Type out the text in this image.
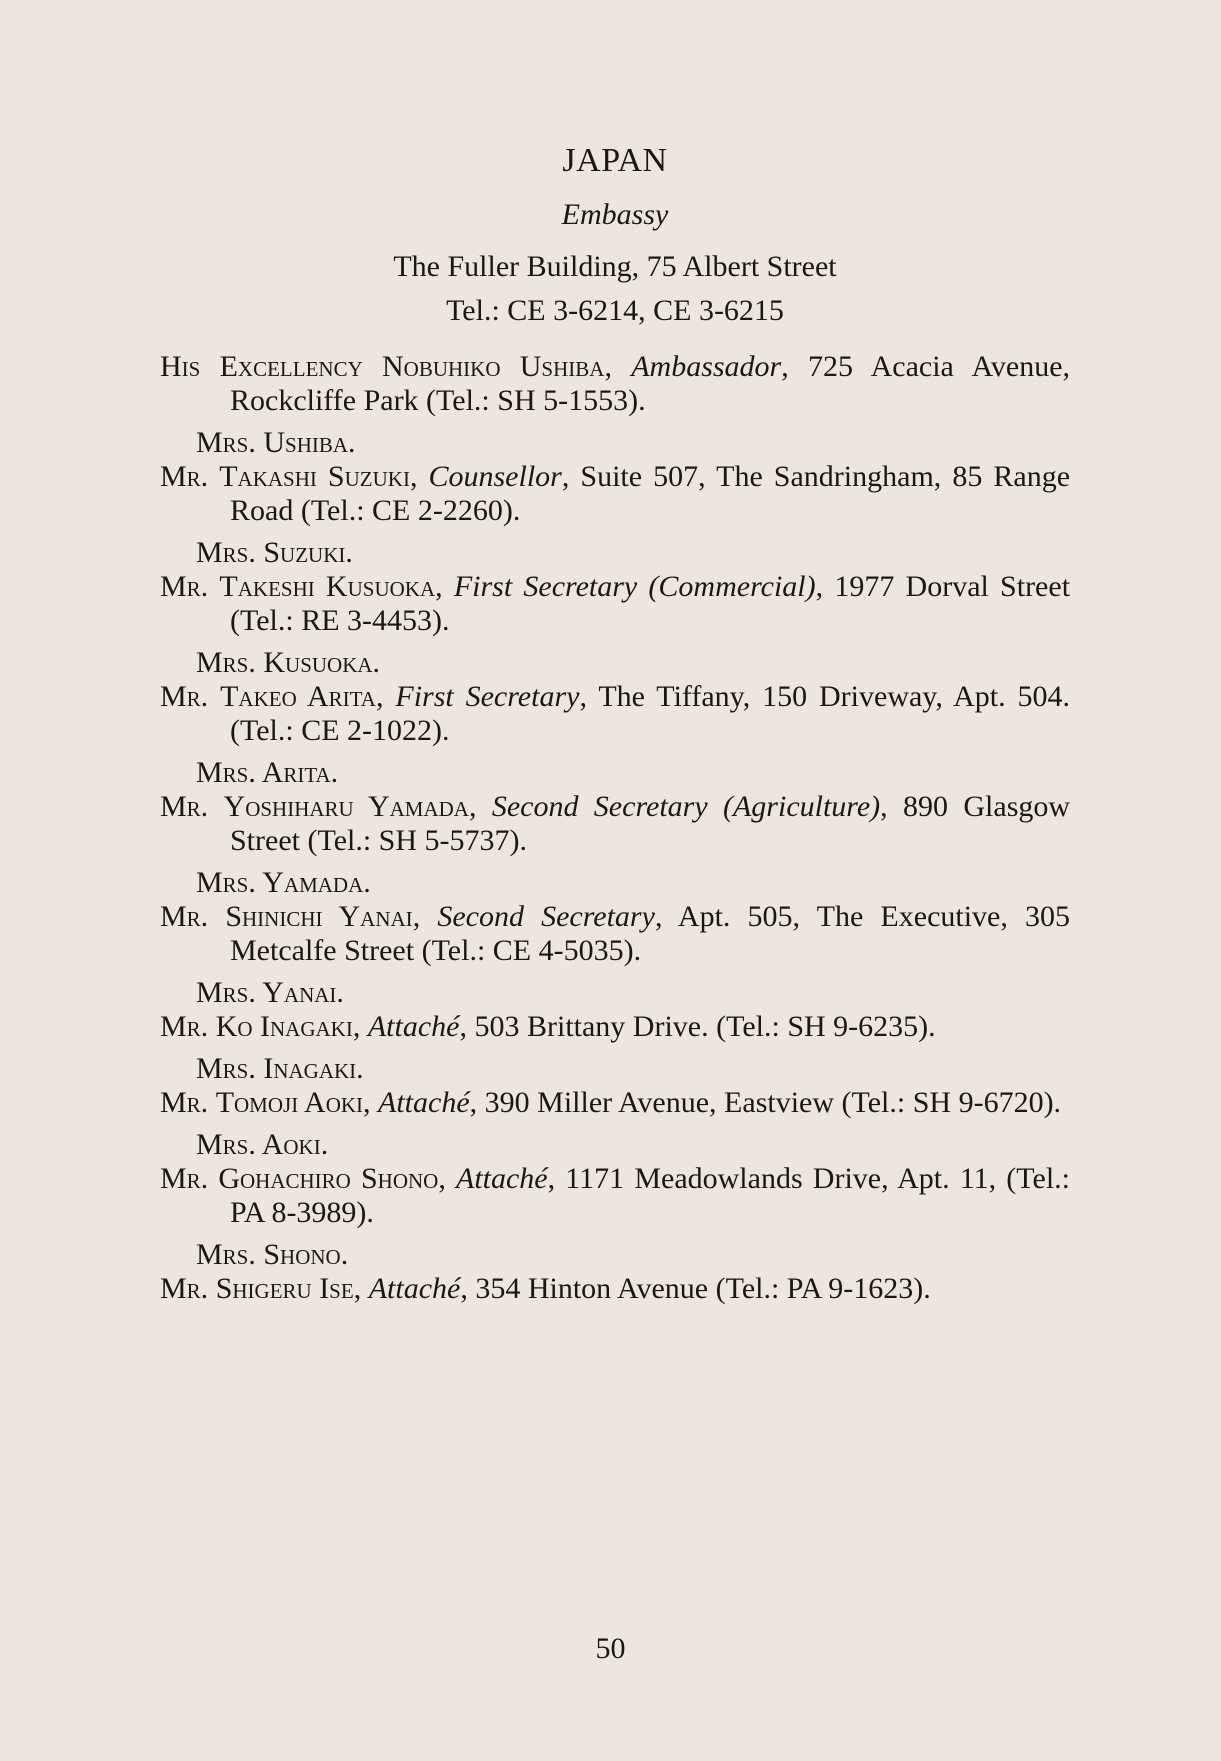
JAPAN
Embassy
The Fuller Building, 75 Albert Street
Tel.: CE 3-6214, CE 3-6215
His Excellency Nobuhiko Ushiba, Ambassador, 725 Acacia Avenue, Rockcliffe Park (Tel.: SH 5-1553).
Mrs. Ushiba.
Mr. Takashi Suzuki, Counsellor, Suite 507, The Sandringham, 85 Range Road (Tel.: CE 2-2260).
Mrs. Suzuki.
Mr. Takeshi Kusuoka, First Secretary (Commercial), 1977 Dorval Street (Tel.: RE 3-4453).
Mrs. Kusuoka.
Mr. Takeo Arita, First Secretary, The Tiffany, 150 Driveway, Apt. 504. (Tel.: CE 2-1022).
Mrs. Arita.
Mr. Yoshiharu Yamada, Second Secretary (Agriculture), 890 Glasgow Street (Tel.: SH 5-5737).
Mrs. Yamada.
Mr. Shinichi Yanai, Second Secretary, Apt. 505, The Executive, 305 Metcalfe Street (Tel.: CE 4-5035).
Mrs. Yanai.
Mr. Ko Inagaki, Attaché, 503 Brittany Drive. (Tel.: SH 9-6235).
Mrs. Inagaki.
Mr. Tomoji Aoki, Attaché, 390 Miller Avenue, Eastview (Tel.: SH 9-6720).
Mrs. Aoki.
Mr. Gohachiro Shono, Attaché, 1171 Meadowlands Drive, Apt. 11, (Tel.: PA 8-3989).
Mrs. Shono.
Mr. Shigeru Ise, Attaché, 354 Hinton Avenue (Tel.: PA 9-1623).
50
